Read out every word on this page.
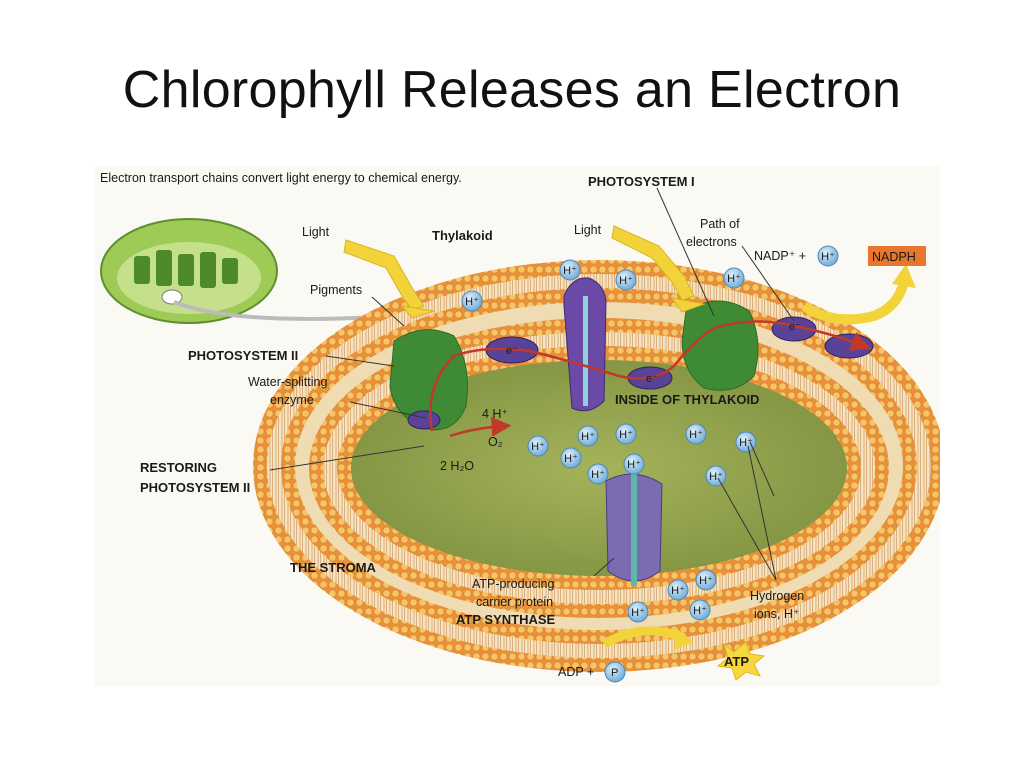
Chlorophyll Releases an Electron
H⁺
H⁺
H⁺
H⁺
H⁺
H⁺
H⁺ H⁺
H⁺
H⁺
H⁺
H⁺
H⁺
H⁺
H⁺
H⁺
H⁺	H⁺
e⁻
e⁻
e⁻
Electron transport chains convert light energy to chemical energy.	PHOTOSYSTEM I
Light	Thylakoid	Light	Path of
electrons
NADP⁺ +	NADPH
Pigments
PHOTOSYSTEM II
Water-splitting
enzyme
4 H⁺
O₂
2 H₂O
RESTORING
PHOTOSYSTEM II
INSIDE OF THYLAKOID
THE STROMA
ATP-producing
carrier protein
ATP SYNTHASE
Hydrogen
ions, H⁺
ADP + P
ATP
